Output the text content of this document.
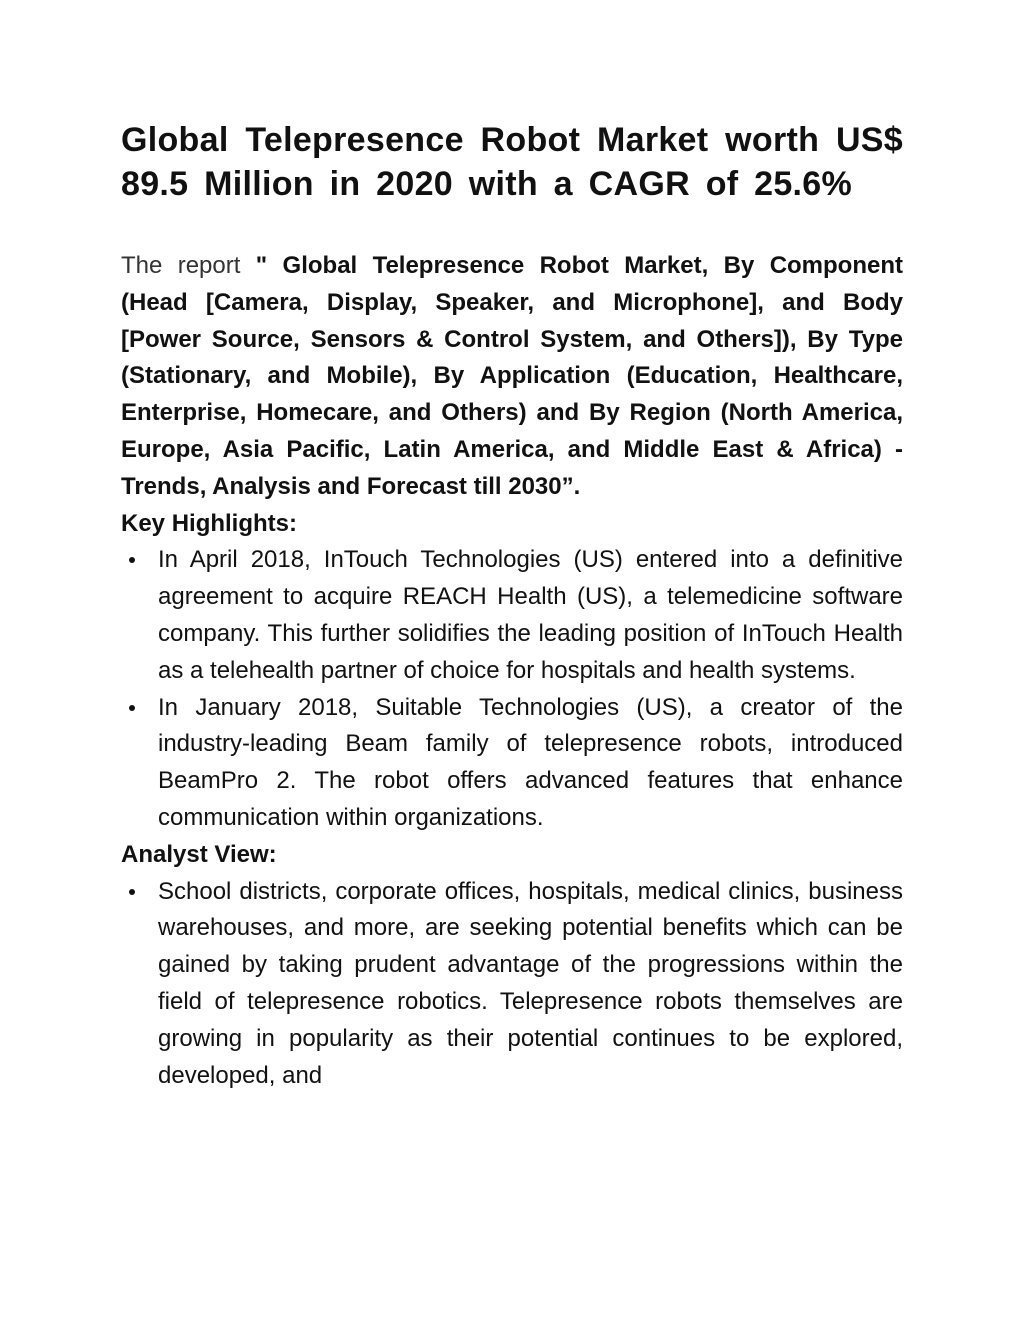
Global Telepresence Robot Market worth US$ 89.5 Million in 2020 with a CAGR of 25.6%

The report " Global Telepresence Robot Market, By Component (Head [Camera, Display, Speaker, and Microphone], and Body [Power Source, Sensors & Control System, and Others]), By Type (Stationary, and Mobile), By Application (Education, Healthcare, Enterprise, Homecare, and Others) and By Region (North America, Europe, Asia Pacific, Latin America, and Middle East & Africa) - Trends, Analysis and Forecast till 2030”.

Key Highlights:
In April 2018, InTouch Technologies (US) entered into a definitive agreement to acquire REACH Health (US), a telemedicine software company. This further solidifies the leading position of InTouch Health as a telehealth partner of choice for hospitals and health systems.
In January 2018, Suitable Technologies (US), a creator of the industry-leading Beam family of telepresence robots, introduced BeamPro 2. The robot offers advanced features that enhance communication within organizations.
Analyst View:
School districts, corporate offices, hospitals, medical clinics, business warehouses, and more, are seeking potential benefits which can be gained by taking prudent advantage of the progressions within the field of telepresence robotics. Telepresence robots themselves are growing in popularity as their potential continues to be explored, developed, and
